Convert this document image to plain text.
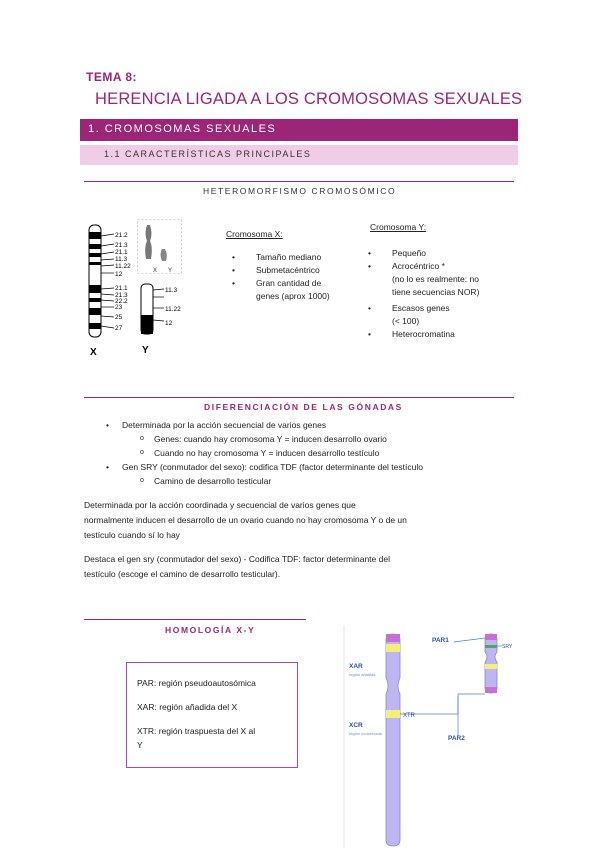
TEMA 8:
HERENCIA LIGADA A LOS CROMOSOMAS SEXUALES
1. CROMOSOMAS SEXUALES
1.1 CARACTERÍSTICAS PRINCIPALES
HETEROMORFISMO CROMOSÓMICO
21.2
21.3
21.1
11.3
11.22
12
21.1
21.3
22.2
23
25
27
X
X Y
11.3
11.22
12
Y
Cromosoma X:
• Tamaño mediano
• Submetacéntrico
• Gran cantidad de
genes (aprox 1000)
Cromosoma Y:
• Pequeño
• Acrocéntrico *
(no lo es realmente: no
tiene secuencias NOR)
• Escasos genes
(< 100)
• Heterocromatina
DIFERENCIACIÓN DE LAS GÓNADAS
• Determinada por la acción secuencial de varios genes
o Genes: cuando hay cromosoma Y = inducen desarrollo ovario
o Cuando no hay cromosoma Y = inducen desarrollo testículo
• Gen SRY (conmutador del sexo): codifica TDF (factor determinante del testículo
o Camino de desarrollo testicular
Determinada por la acción coordinada y secuencial de varios genes que
normalmente inducen el desarrollo de un ovario cuando no hay cromosoma Y o de un
testículo cuando sí lo hay
Destaca el gen sry (conmutador del sexo) - Codifica TDF: factor determinante del
testículo (escoge el camino de desarrollo testicular).
HOMOLOGÍA X-Y
PAR: región pseudoautosómica
XAR: región añadida del X
XTR: región traspuesta del X al
Y
PAR1
SRY
XAR
región añadida
XCR
región conservada
XTR
PAR2
